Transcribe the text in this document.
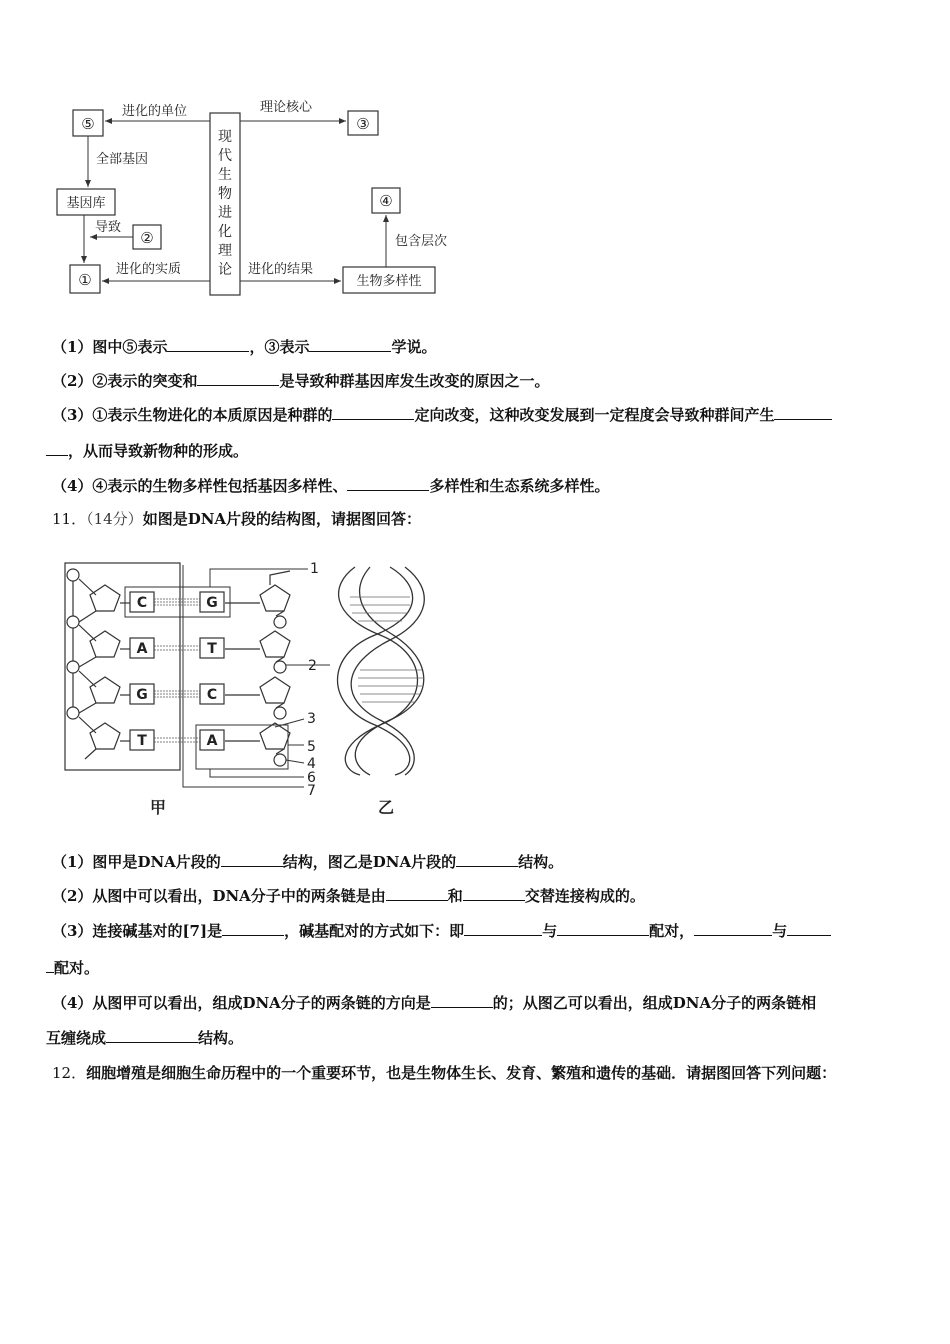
现
代
生
物
进
化
理
论
⑤
进化的单位
③
理论核心
全部基因
基因库
②
导致
①
进化的实质
生物多样性
进化的结果
④
包含层次
（1）图中⑤表示	，③表示	学说。
（2）②表示的突变和	是导致种群基因库发生改变的原因之一。
（3）①表示生物进化的本质原因是种群的	定向改变，这种改变发展到一定程度会导致种群间产生
，从而导致新物种的形成。
（4）④表示的生物多样性包括基因多样性、	多样性和生态系统多样性。
11．（14分）如图是DNA片段的结构图，请据图回答：
C
A
G
T
G
T
C
A
1
2
3
4
5
6
7
甲	乙
（1）图甲是DNA片段的	结构，图乙是DNA片段的	结构。
（2）从图中可以看出，DNA分子中的两条链是由	和	交替连接构成的。
（3）连接碱基对的[7]是	，碱基配对的方式如下：即	与	配对，	与
配对。
（4）从图甲可以看出，组成DNA分子的两条链的方向是	的；从图乙可以看出，组成DNA分子的两条链相
互缠绕成	结构。
12．细胞增殖是细胞生命历程中的一个重要环节，也是生物体生长、发育、繁殖和遗传的基础．请据图回答下列问题：
